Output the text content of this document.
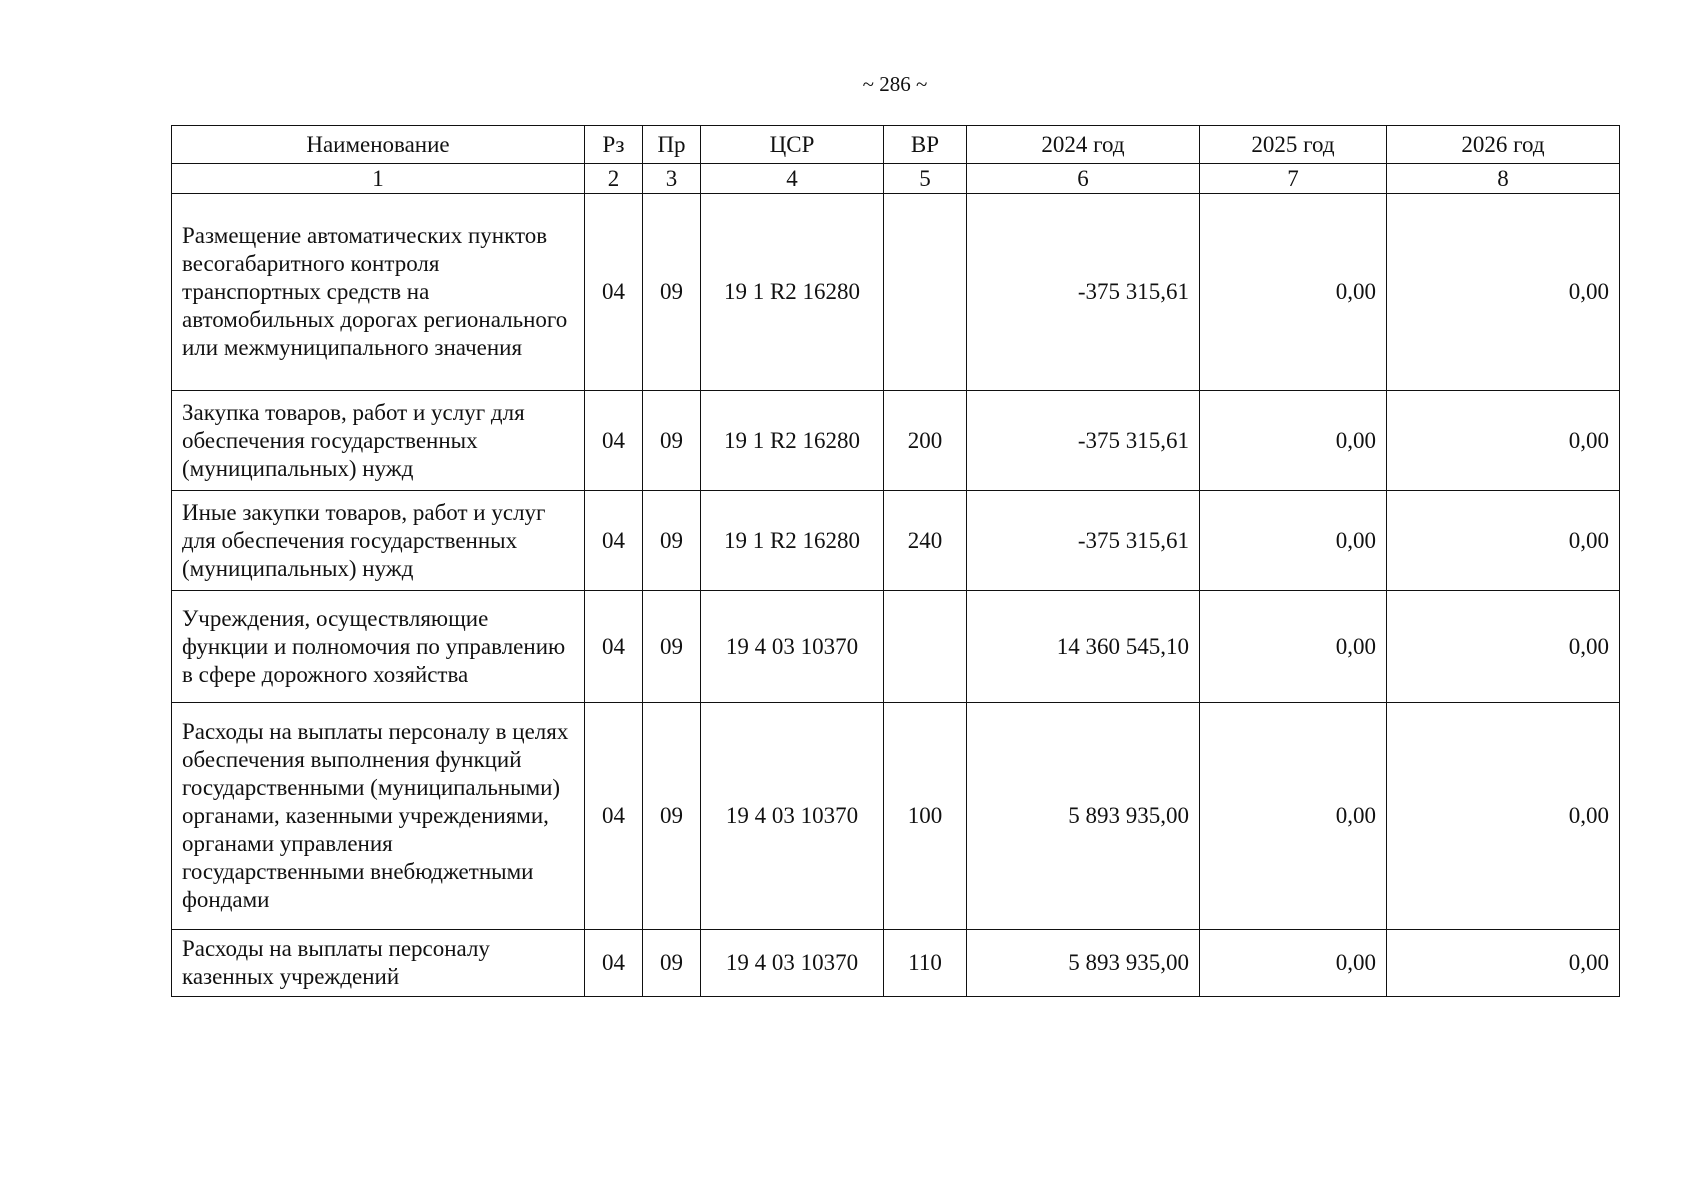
~ 286 ~
Наименование	Рз	Пр	ЦСР	ВР	2024 год	2025 год	2026 год
1	2	3	4	5	6	7	8
Размещение автоматических пунктов весогабаритного контроля транспортных средств на автомобильных дорогах регионального или межмуниципального значения	04	09	19 1 R2 16280		-375 315,61	0,00	0,00
Закупка товаров, работ и услуг для обеспечения государственных (муниципальных) нужд	04	09	19 1 R2 16280	200	-375 315,61	0,00	0,00
Иные закупки товаров, работ и услуг для обеспечения государственных (муниципальных) нужд	04	09	19 1 R2 16280	240	-375 315,61	0,00	0,00
Учреждения, осуществляющие функции и полномочия по управлению в сфере дорожного хозяйства	04	09	19 4 03 10370		14 360 545,10	0,00	0,00
Расходы на выплаты персоналу в целях обеспечения выполнения функций государственными (муниципальными) органами, казенными учреждениями, органами управления государственными внебюджетными фондами	04	09	19 4 03 10370	100	5 893 935,00	0,00	0,00
Расходы на выплаты персоналу казенных учреждений	04	09	19 4 03 10370	110	5 893 935,00	0,00	0,00
